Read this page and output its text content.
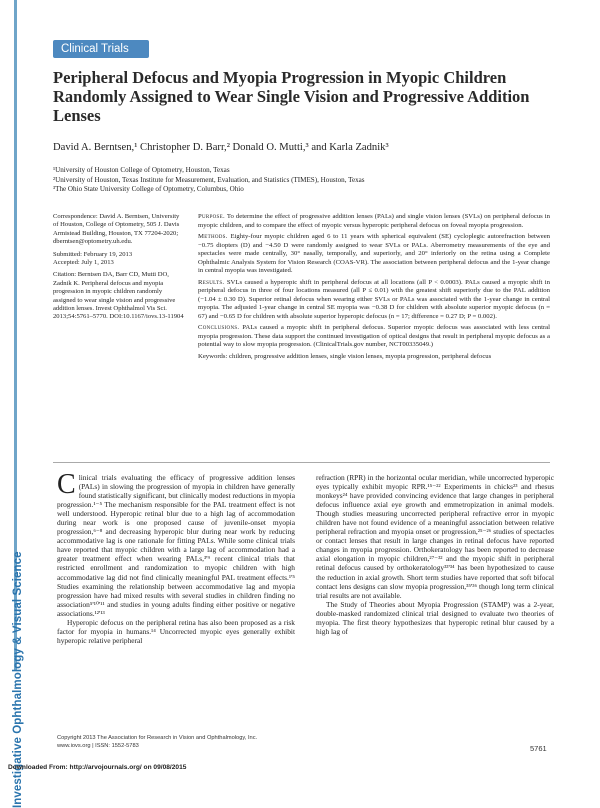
Investigative Ophthalmology & Visual Science
Clinical Trials
Peripheral Defocus and Myopia Progression in Myopic Children Randomly Assigned to Wear Single Vision and Progressive Addition Lenses
David A. Berntsen,¹ Christopher D. Barr,² Donald O. Mutti,³ and Karla Zadnik³
¹University of Houston College of Optometry, Houston, Texas
²University of Houston, Texas Institute for Measurement, Evaluation, and Statistics (TIMES), Houston, Texas
³The Ohio State University College of Optometry, Columbus, Ohio

Correspondence: David A. Berntsen, University of Houston, College of Optometry, 505 J. Davis Armistead Building, Houston, TX 77204-2020; dberntsen@optometry.uh.edu.

Submitted: February 19, 2013

Accepted: July 1, 2013

Citation: Berntsen DA, Barr CD, Mutti DO, Zadnik K. Peripheral defocus and myopia progression in myopic children randomly assigned to wear single vision and progressive addition lenses. Invest Ophthalmol Vis Sci. 2013;54:5761–5770. DOI:10.1167/iovs.13-11904

Purpose. To determine the effect of progressive addition lenses (PALs) and single vision lenses (SVLs) on peripheral defocus in myopic children, and to compare the effect of myopic versus hyperopic peripheral defocus on foveal myopia progression.

Methods. Eighty-four myopic children aged 6 to 11 years with spherical equivalent (SE) cycloplegic autorefraction between −0.75 diopters (D) and −4.50 D were randomly assigned to wear SVLs or PALs. Aberrometry measurements of the eye and spectacles were made centrally, 30° nasally, temporally, and superiorly, and 20° inferiorly on the retina using a Complete Ophthalmic Analysis System for Vision Research (COAS-VR). The association between peripheral defocus and the 1-year change in central myopia was investigated.

Results. SVLs caused a hyperopic shift in peripheral defocus at all locations (all P < 0.0003). PALs caused a myopic shift in peripheral defocus in three of four locations measured (all P ≤ 0.01) with the greatest shift superiorly due to the PAL addition (−1.04 ± 0.30 D). Superior retinal defocus when wearing either SVLs or PALs was associated with the 1-year change in central myopia. The adjusted 1-year change in central SE myopia was −0.38 D for children with absolute superior myopic defocus (n = 67) and −0.65 D for children with absolute superior hyperopic defocus (n = 17; difference = 0.27 D; P = 0.002).

Conclusions. PALs caused a myopic shift in peripheral defocus. Superior myopic defocus was associated with less central myopia progression. These data support the continued investigation of optical designs that result in peripheral myopic defocus as a potential way to slow myopia progression. (ClinicalTrials.gov number, NCT00335049.)

Keywords: children, progressive addition lenses, single vision lenses, myopia progression, peripheral defocus

Clinical trials evaluating the efficacy of progressive addition lenses (PALs) in slowing the progression of myopia in children have generally found statistically significant, but clinically modest reductions in myopia progression.¹⁻⁵ The mechanism responsible for the PAL treatment effect is not well understood. Hyperopic retinal blur due to a high lag of accommodation during near work is one proposed cause of juvenile-onset myopia progression,⁶⁻⁸ and decreasing hyperopic blur during near work by reducing accommodative lag is one rationale for fitting PALs. While some clinical trials have reported that myopic children with a large lag of accommodation had a greater treatment effect when wearing PALs,³'⁹ recent clinical trials that restricted enrollment and randomization to myopic children with high accommodative lag did not find clinically meaningful PAL treatment effects.¹'⁵ Studies examining the relationship between accommodative lag and myopia progression have had mixed results with several studies in children finding no association⁵'¹⁰'¹¹ and studies in young adults finding either positive or negative associations.¹²'¹³

Hyperopic defocus on the peripheral retina has also been proposed as a risk factor for myopia in humans.¹⁴ Uncorrected myopic eyes generally exhibit hyperopic relative peripheral

refraction (RPR) in the horizontal ocular meridian, while uncorrected hyperopic eyes typically exhibit myopic RPR.¹⁵⁻²² Experiments in chicks²³ and rhesus monkeys²⁴ have provided convincing evidence that large changes in peripheral defocus influence axial eye growth and emmetropization in animal models. Though studies measuring uncorrected peripheral refractive error in myopic children have not found evidence of a meaningful association between relative peripheral refraction and myopia onset or progression,²⁵⁻²⁶ studies of spectacles or contact lenses that result in large changes in retinal defocus have reported changes in myopia progression. Orthokeratology has been reported to decrease axial elongation in myopic children,²⁷⁻³² and the myopic shift in peripheral retinal defocus caused by orthokeratology³³'³⁴ has been hypothesized to cause the reduction in axial growth. Short term studies have reported that soft bifocal contact lens designs can slow myopia progression,³⁵'³⁶ though long term clinical trial results are not available.

The Study of Theories about Myopia Progression (STAMP) was a 2-year, double-masked randomized clinical trial designed to evaluate two theories of myopia. The first theory hypothesizes that hyperopic retinal blur caused by a high lag of

Copyright 2013 The Association for Research in Vision and Ophthalmology, Inc.
www.iovs.org | ISSN: 1552-5783	5761
Downloaded From: http://arvojournals.org/ on 09/08/2015
